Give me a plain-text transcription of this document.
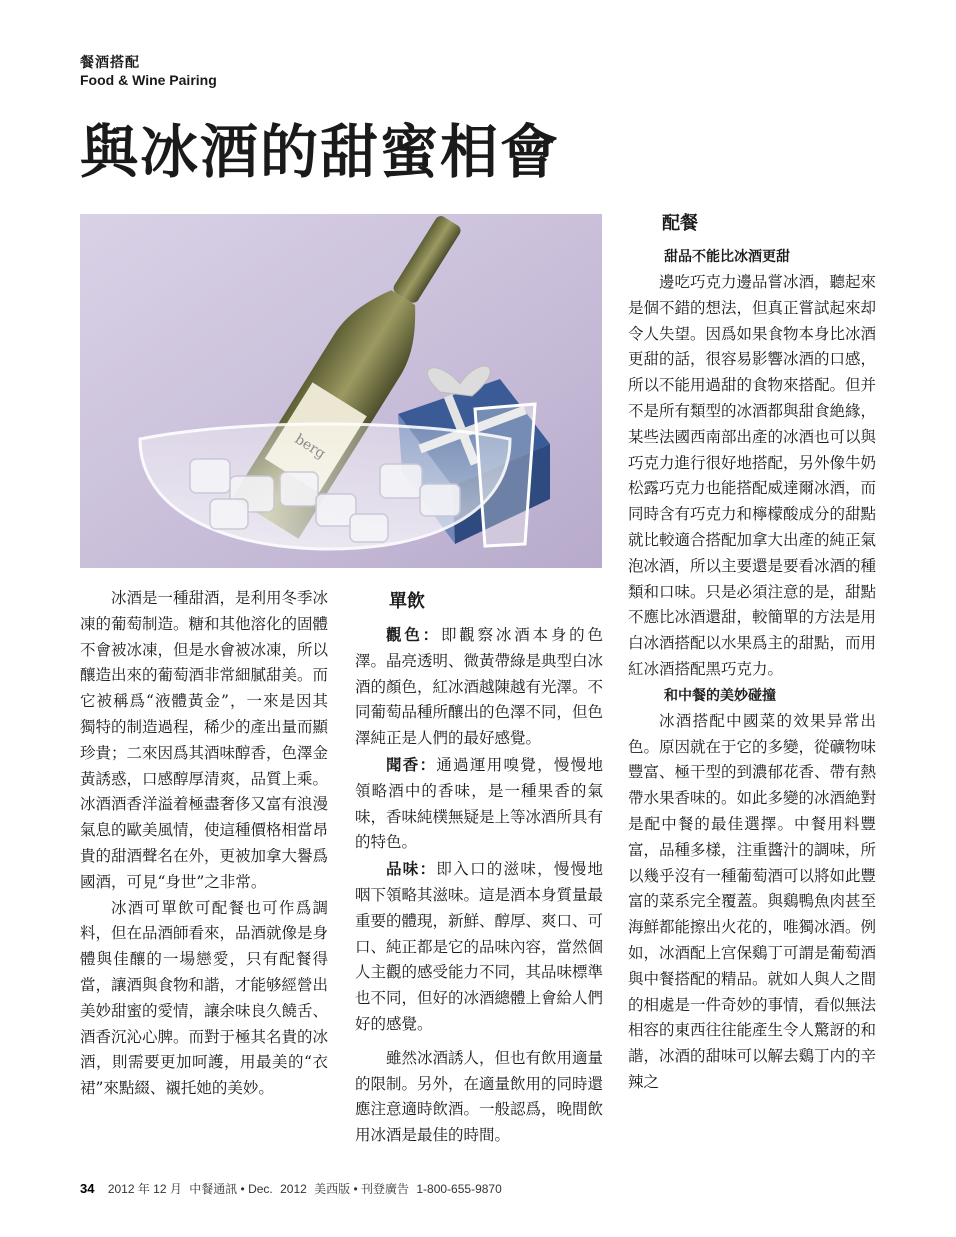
餐酒搭配
Food & Wine Pairing
與冰酒的甜蜜相會

冰酒是一種甜酒，是利用冬季冰凍的葡萄制造。糖和其他溶化的固體不會被冰凍，但是水會被冰凍，所以釀造出來的葡萄酒非常細膩甜美。而它被稱爲“液體黃金”，一來是因其獨特的制造過程，稀少的產出量而顯珍貴；二來因爲其酒味醇香，色澤金黃誘惑，口感醇厚清爽，品質上乘。冰酒酒香洋溢着極盡奢侈又富有浪漫氣息的歐美風情，使這種價格相當昂貴的甜酒聲名在外，更被加拿大譽爲國酒，可見“身世”之非常。

冰酒可單飲可配餐也可作爲調料，但在品酒師看來，品酒就像是身體與佳釀的一場戀愛，只有配餐得當，讓酒與食物和諧，才能够經營出美妙甜蜜的愛情，讓余味良久饒舌、酒香沉沁心脾。而對于極其名貴的冰酒，則需要更加呵護，用最美的“衣裙”來點綴、襯托她的美妙。

單飲

觀色：即觀察冰酒本身的色澤。晶亮透明、微黃帶綠是典型白冰酒的顏色，紅冰酒越陳越有光澤。不同葡萄品種所釀出的色澤不同，但色澤純正是人們的最好感覺。

聞香：通過運用嗅覺，慢慢地領略酒中的香味，是一種果香的氣味，香味純樸無疑是上等冰酒所具有的特色。

品味：即入口的滋味，慢慢地咽下領略其滋味。這是酒本身質量最重要的體現，新鮮、醇厚、爽口、可口、純正都是它的品味內容，當然個人主觀的感受能力不同，其品味標準也不同，但好的冰酒總體上會給人們好的感覺。

雖然冰酒誘人，但也有飲用適量的限制。另外，在適量飲用的同時還應注意適時飲酒。一般認爲，晚間飲用冰酒是最佳的時間。

配餐
甜品不能比冰酒更甜

邊吃巧克力邊品嘗冰酒，聽起來是個不錯的想法，但真正嘗試起來却令人失望。因爲如果食物本身比冰酒更甜的話，很容易影響冰酒的口感，所以不能用過甜的食物來搭配。但并不是所有類型的冰酒都與甜食絶緣，某些法國西南部出產的冰酒也可以與巧克力進行很好地搭配，另外像牛奶松露巧克力也能搭配威達爾冰酒，而同時含有巧克力和檸檬酸成分的甜點就比較適合搭配加拿大出產的純正氣泡冰酒，所以主要還是要看冰酒的種類和口味。只是必須注意的是，甜點不應比冰酒還甜，較簡單的方法是用白冰酒搭配以水果爲主的甜點，而用紅冰酒搭配黑巧克力。

和中餐的美妙碰撞

冰酒搭配中國菜的效果异常出色。原因就在于它的多變，從礦物味豐富、極干型的到濃郁花香、帶有熱帶水果香味的。如此多變的冰酒絶對是配中餐的最佳選擇。中餐用料豐富，品種多樣，注重醬汁的調味，所以幾乎沒有一種葡萄酒可以將如此豐富的菜系完全覆蓋。與鷄鴨魚肉甚至海鮮都能擦出火花的，唯獨冰酒。例如，冰酒配上宫保鷄丁可謂是葡萄酒與中餐搭配的精品。就如人與人之間的相處是一件奇妙的事情，看似無法相容的東西往往能產生令人驚訝的和諧，冰酒的甜味可以解去鷄丁内的辛辣之

34 2012 年 12 月 中餐通訊 • Dec. 2012 美西版 • 刊登廣告 1-800-655-9870
